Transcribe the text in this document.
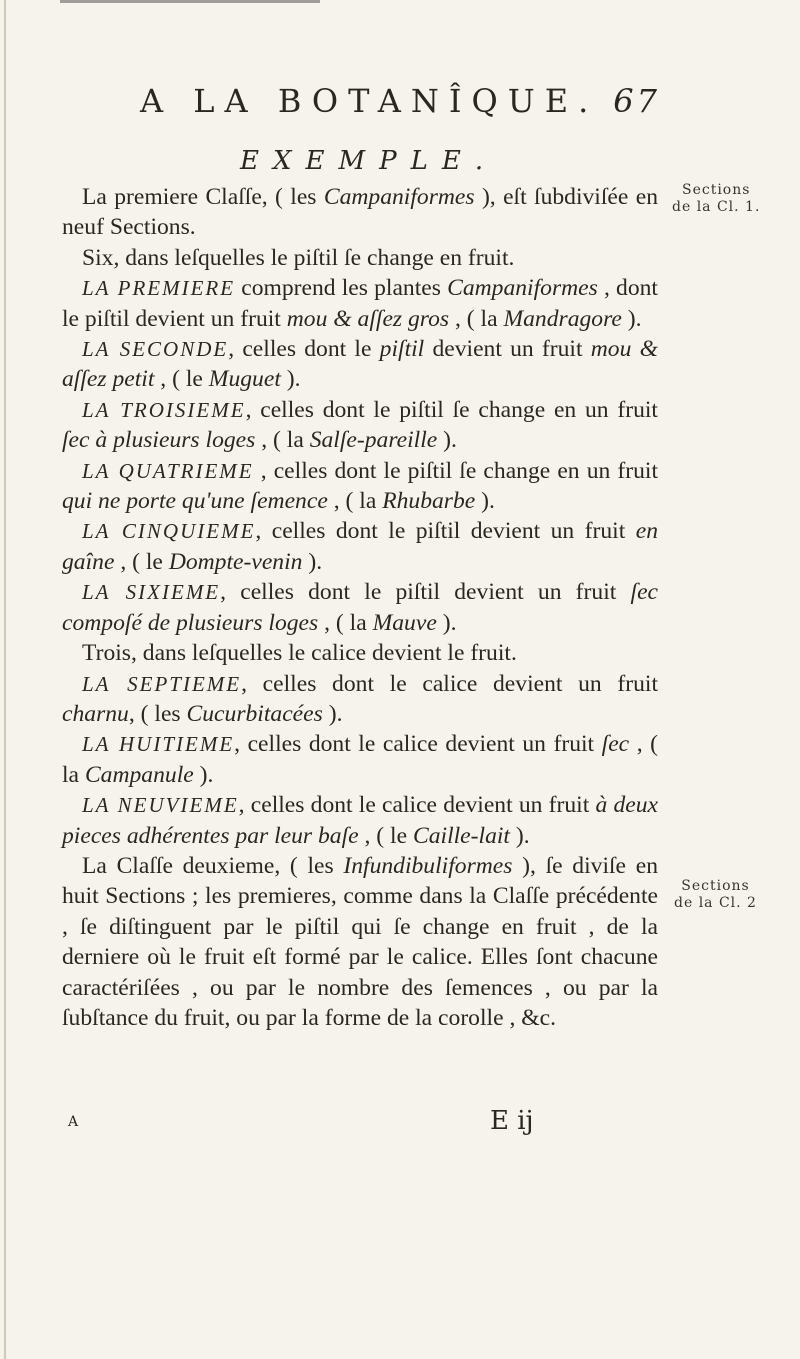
A LA BOTANÎQUE. 67
EXEMPLE.
Sections
de la Cl. 1.
Sections
de la Cl. 2

La premiere Claſſe, ( les Campaniformes ), eſt ſubdiviſée en neuf Sections.

Six, dans leſquelles le piſtil ſe change en fruit.

LA PREMIERE comprend les plantes Campaniformes , dont le piſtil devient un fruit mou & aſſez gros , ( la Mandragore ).

LA SECONDE, celles dont le piſtil devient un fruit mou & aſſez petit , ( le Muguet ).

LA TROISIEME, celles dont le piſtil ſe change en un fruit ſec à plusieurs loges , ( la Salſe-pareille ).

LA QUATRIEME , celles dont le piſtil ſe change en un fruit qui ne porte qu'une ſemence , ( la Rhubarbe ).

LA CINQUIEME, celles dont le piſtil devient un fruit en gaîne , ( le Dompte-venin ).

LA SIXIEME, celles dont le piſtil devient un fruit ſec compoſé de plusieurs loges , ( la Mauve ).

Trois, dans leſquelles le calice devient le fruit.

LA SEPTIEME, celles dont le calice devient un fruit charnu, ( les Cucurbitacées ).

LA HUITIEME, celles dont le calice devient un fruit ſec , ( la Campanule ).

LA NEUVIEME, celles dont le calice devient un fruit à deux pieces adhérentes par leur baſe , ( le Caille-lait ).

La Claſſe deuxieme, ( les Infundibuliformes ), ſe diviſe en huit Sections ; les premieres, comme dans la Claſſe précédente , ſe diſtinguent par le piſtil qui ſe change en fruit , de la derniere où le fruit eſt formé par le calice. Elles ſont chacune caractériſées , ou par le nombre des ſemences , ou par la ſubſtance du fruit, ou par la forme de la corolle , &c.

A	E ij
